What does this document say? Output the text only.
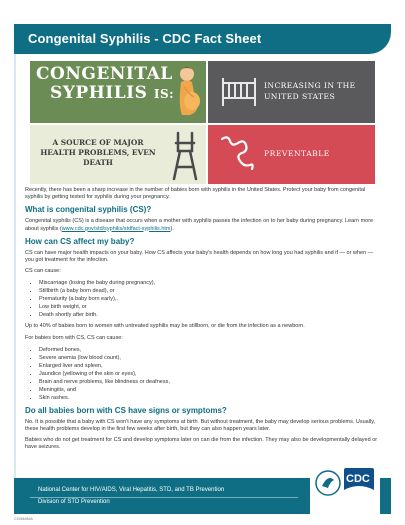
Congenital Syphilis - CDC Fact Sheet
CONGENITAL
SYPHILIS IS:
INCREASING IN THE UNITED STATES
A SOURCE OF MAJOR HEALTH PROBLEMS, EVEN DEATH
PREVENTABLE

Recently, there has been a sharp increase in the number of babies born with syphilis in the United States. Protect your baby from congenital syphilis by getting tested for syphilis during your pregnancy.

What is congenital syphilis (CS)?

Congenital syphilis (CS) is a disease that occurs when a mother with syphilis passes the infection on to her baby during pregnancy. Learn more about syphilis (www.cdc.gov/std/syphilis/stdfact-syphilis.htm).

How can CS affect my baby?

CS can have major health impacts on your baby. How CS affects your baby's health depends on how long you had syphilis and if — or when — you got treatment for the infection.

CS can cause:

• Miscarriage (losing the baby during pregnancy),
• Stillbirth (a baby born dead), or
• Prematurity (a baby born early),.
• Low birth weight, or
• Death shortly after birth.

Up to 40% of babies born to women with untreated syphilis may be stillborn, or die from the infection as a newborn.

For babies born with CS, CS can cause:

• Deformed bones,
• Severe anemia (low blood count),
• Enlarged liver and spleen,
• Jaundice (yellowing of the skin or eyes),
• Brain and nerve problems, like blindness or deafness,
• Meningitis, and
• Skin rashes.
Do all babies born with CS have signs or symptoms?

No. It is possible that a baby with CS won't have any symptoms at birth. But without treatment, the baby may develop serious problems. Usually, these health problems develop in the first few weeks after birth, but they can also happen years later.

Babies who do not get treatment for CS and develop symptoms later on can die from the infection. They may also be developmentally delayed or have seizures.

National Center for HIV/AIDS, Viral Hepatitis, STD, and TB Prevention
Division of STD Prevention
CDC
CS266064A
